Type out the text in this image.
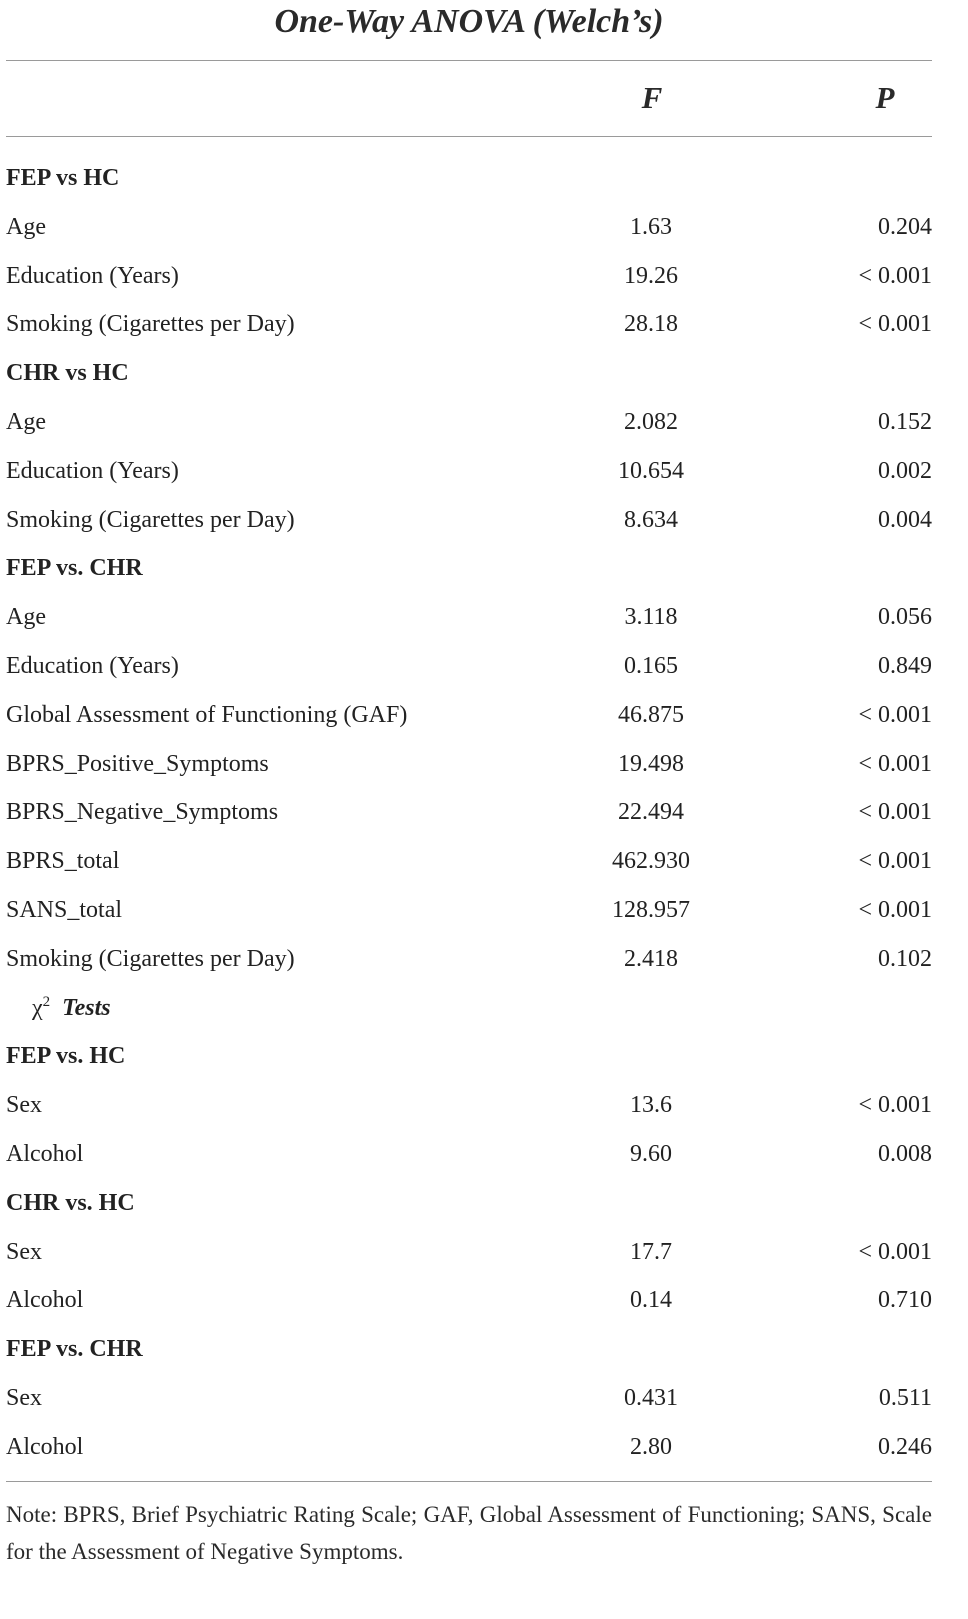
One-Way ANOVA (Welch’s)
F	P
FEP vs HC		
Age	1.63	0.204
Education (Years)	19.26	< 0.001
Smoking (Cigarettes per Day)	28.18	< 0.001
CHR vs HC		
Age	2.082	0.152
Education (Years)	10.654	0.002
Smoking (Cigarettes per Day)	8.634	0.004
FEP vs. CHR		
Age	3.118	0.056
Education (Years)	0.165	0.849
Global Assessment of Functioning (GAF)	46.875	< 0.001
BPRS_Positive_Symptoms	19.498	< 0.001
BPRS_Negative_Symptoms	22.494	< 0.001
BPRS_total	462.930	< 0.001
SANS_total	128.957	< 0.001
Smoking (Cigarettes per Day)	2.418	0.102
$\chi^2$ Tests		
FEP vs. HC		
Sex	13.6	< 0.001
Alcohol	9.60	0.008
CHR vs. HC		
Sex	17.7	< 0.001
Alcohol	0.14	0.710
FEP vs. CHR		
Sex	0.431	0.511
Alcohol	2.80	0.246
Note: BPRS, Brief Psychiatric Rating Scale; GAF, Global Assessment of Functioning; SANS, Scale for the Assessment of Negative Symptoms.
